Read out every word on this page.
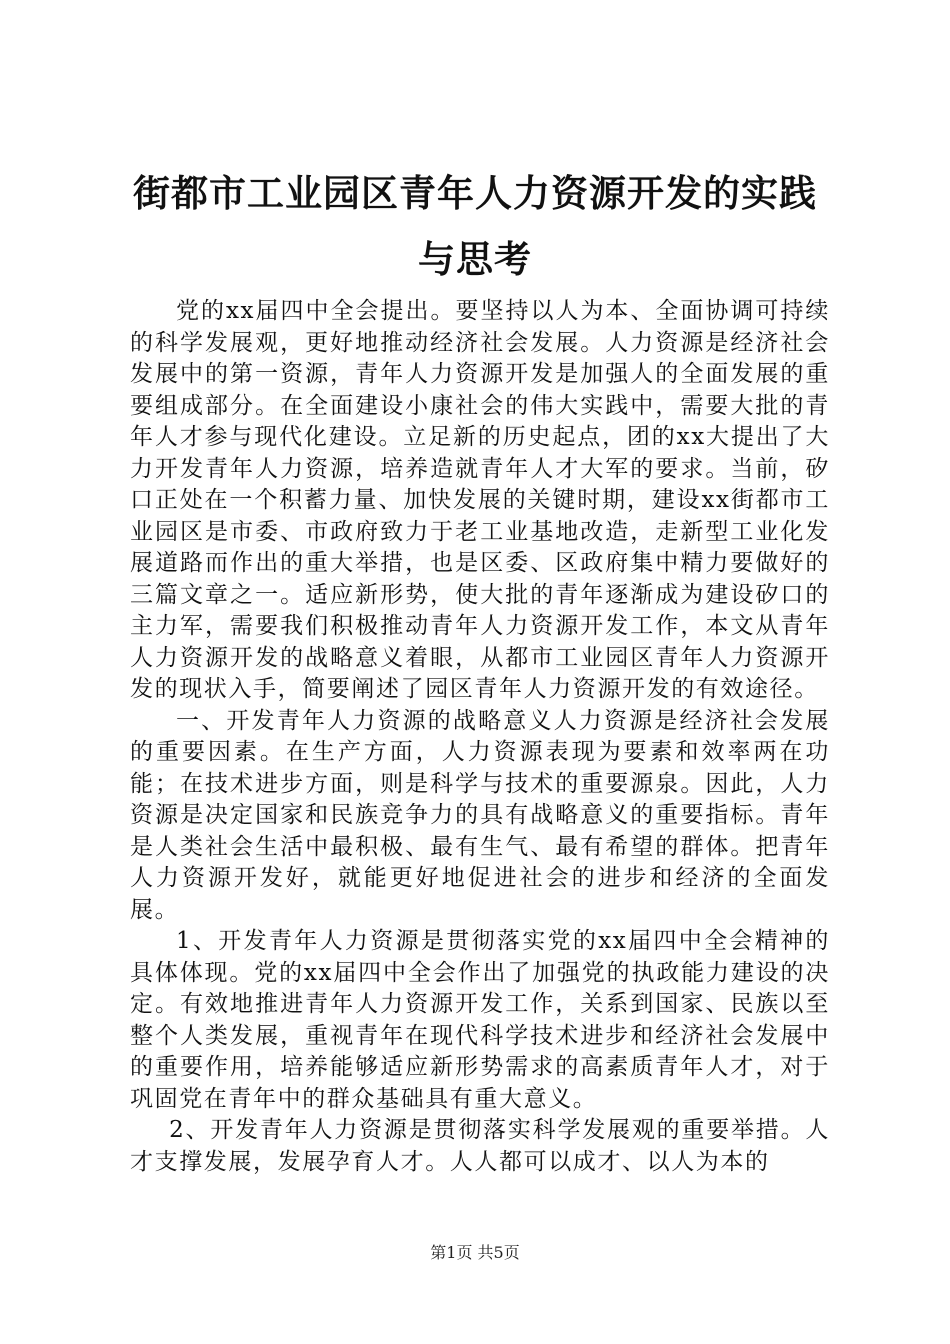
街都市工业园区青年人力资源开发的实践与思考

党的xx届四中全会提出。要坚持以人为本、全面协调可持续的科学发展观，更好地推动经济社会发展。人力资源是经济社会发展中的第一资源，青年人力资源开发是加强人的全面发展的重要组成部分。在全面建设小康社会的伟大实践中，需要大批的青年人才参与现代化建设。立足新的历史起点，团的xx大提出了大力开发青年人力资源，培养造就青年人才大军的要求。当前，矽口正处在一个积蓄力量、加快发展的关键时期，建设xx街都市工业园区是市委、市政府致力于老工业基地改造，走新型工业化发展道路而作出的重大举措，也是区委、区政府集中精力要做好的三篇文章之一。适应新形势，使大批的青年逐渐成为建设矽口的主力军，需要我们积极推动青年人力资源开发工作，本文从青年人力资源开发的战略意义着眼，从都市工业园区青年人力资源开发的现状入手，简要阐述了园区青年人力资源开发的有效途径。

一、开发青年人力资源的战略意义人力资源是经济社会发展的重要因素。在生产方面，人力资源表现为要素和效率两在功能；在技术进步方面，则是科学与技术的重要源泉。因此，人力资源是决定国家和民族竞争力的具有战略意义的重要指标。青年是人类社会生活中最积极、最有生气、最有希望的群体。把青年人力资源开发好，就能更好地促进社会的进步和经济的全面发展。

1、开发青年人力资源是贯彻落实党的xx届四中全会精神的具体体现。党的xx届四中全会作出了加强党的执政能力建设的决定。有效地推进青年人力资源开发工作，关系到国家、民族以至整个人类发展，重视青年在现代科学技术进步和经济社会发展中的重要作用，培养能够适应新形势需求的高素质青年人才，对于巩固党在青年中的群众基础具有重大意义。

2、开发青年人力资源是贯彻落实科学发展观的重要举措。人才支撑发展，发展孕育人才。人人都可以成才、以人为本的

第1页 共5页
